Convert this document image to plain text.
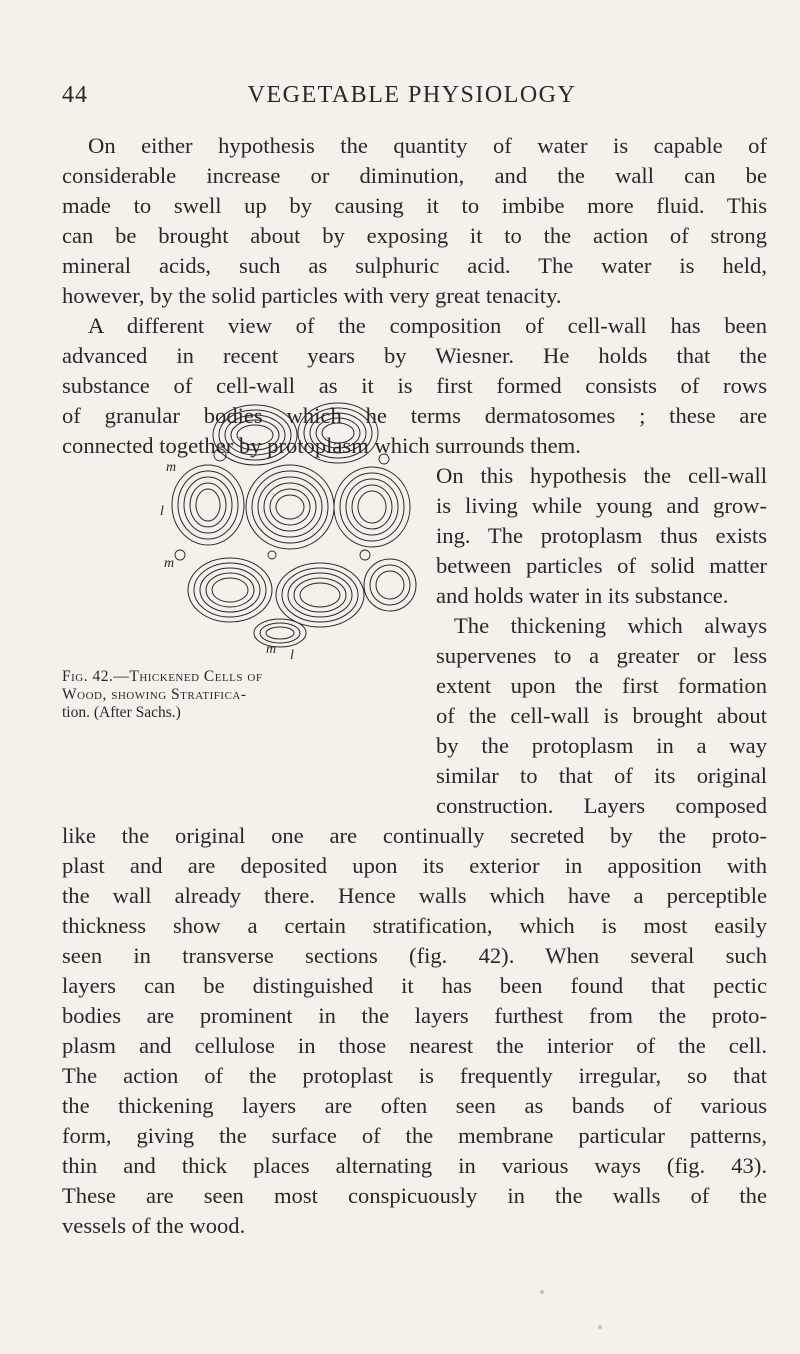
44	VEGETABLE PHYSIOLOGY
On either hypothesis the quantity of water is capable of
considerable increase or diminution, and the wall can be
made to swell up by causing it to imbibe more fluid. This
can be brought about by exposing it to the action of strong
mineral acids, such as sulphuric acid. The water is held,
however, by the solid particles with very great tenacity.
A different view of the composition of cell-wall has been
advanced in recent years by Wiesner. He holds that the
substance of cell-wall as it is first formed consists of rows
of granular bodies which he terms dermatosomes ; these are
connected together by protoplasm which surrounds them.
On this hypothesis the cell-wall
is living while young and grow-
ing. The protoplasm thus exists
between particles of solid matter
and holds water in its substance.
The thickening which always
supervenes to a greater or less
extent upon the first formation
of the cell-wall is brought about
by the protoplasm in a way
similar to that of its original
construction. Layers composed
m
l
m
m l
Fig. 42.—Thickened Cells of
Wood, showing Stratifica-
tion. (After Sachs.)
like the original one are continually secreted by the proto-
plast and are deposited upon its exterior in apposition with
the wall already there. Hence walls which have a perceptible
thickness show a certain stratification, which is most easily
seen in transverse sections (fig. 42). When several such
layers can be distinguished it has been found that pectic
bodies are prominent in the layers furthest from the proto-
plasm and cellulose in those nearest the interior of the cell.
The action of the protoplast is frequently irregular, so that
the thickening layers are often seen as bands of various
form, giving the surface of the membrane particular patterns,
thin and thick places alternating in various ways (fig. 43).
These are seen most conspicuously in the walls of the
vessels of the wood.
